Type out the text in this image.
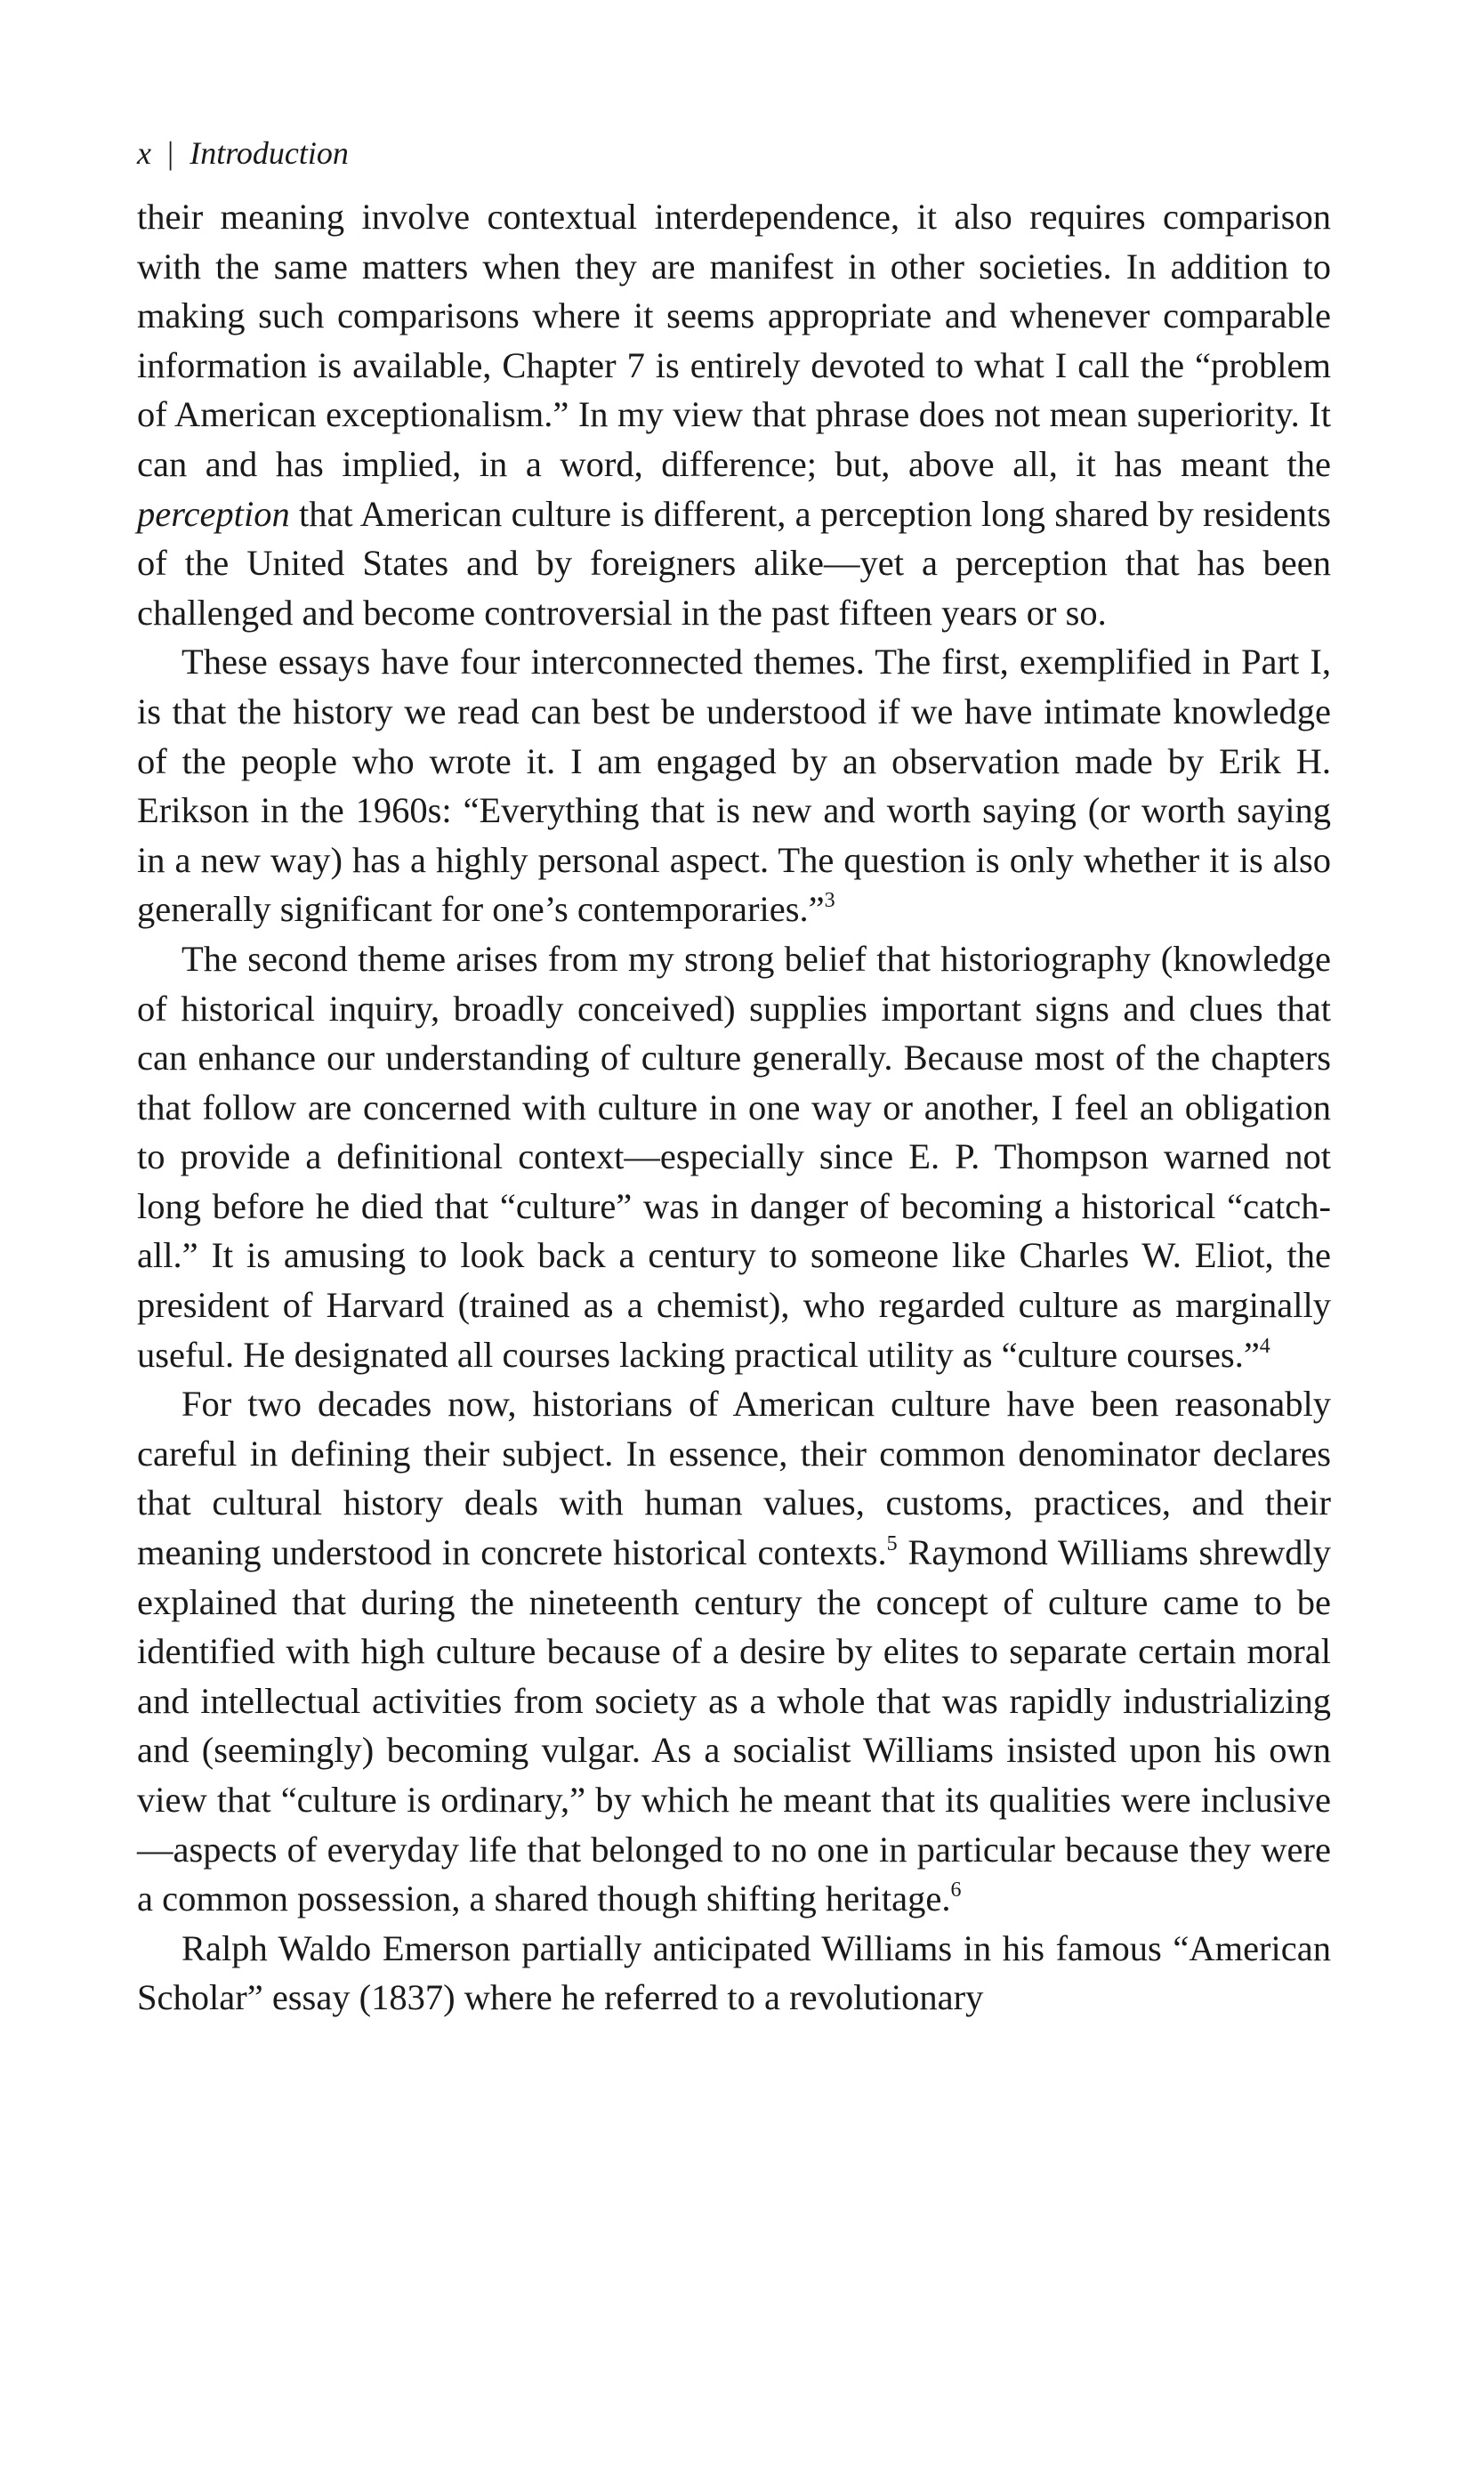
x | Introduction

their meaning involve contextual interdependence, it also requires comparison with the same matters when they are manifest in other societies. In addition to making such comparisons where it seems appropriate and whenever comparable information is available, Chapter 7 is entirely devoted to what I call the “problem of American exceptionalism.” In my view that phrase does not mean superiority. It can and has implied, in a word, difference; but, above all, it has meant the perception that American culture is different, a perception long shared by residents of the United States and by foreigners alike—yet a perception that has been challenged and become controversial in the past fifteen years or so.

These essays have four interconnected themes. The first, exemplified in Part I, is that the history we read can best be understood if we have intimate knowledge of the people who wrote it. I am engaged by an observation made by Erik H. Erikson in the 1960s: “Everything that is new and worth saying (or worth saying in a new way) has a highly personal aspect. The question is only whether it is also generally significant for one’s contemporaries.”$^3$

The second theme arises from my strong belief that historiography (knowledge of historical inquiry, broadly conceived) supplies important signs and clues that can enhance our understanding of culture generally. Because most of the chapters that follow are concerned with culture in one way or another, I feel an obligation to provide a definitional context—especially since E. P. Thompson warned not long before he died that “culture” was in danger of becoming a historical “catch-all.” It is amusing to look back a century to someone like Charles W. Eliot, the president of Harvard (trained as a chemist), who regarded culture as marginally useful. He designated all courses lacking practical utility as “culture courses.”$^4$

For two decades now, historians of American culture have been reasonably careful in defining their subject. In essence, their common denominator declares that cultural history deals with human values, customs, practices, and their meaning understood in concrete historical contexts.$^5$ Raymond Williams shrewdly explained that during the nineteenth century the concept of culture came to be identified with high culture because of a desire by elites to separate certain moral and intellectual activities from society as a whole that was rapidly industrializing and (seemingly) becoming vulgar. As a socialist Williams insisted upon his own view that “culture is ordinary,” by which he meant that its qualities were inclusive —aspects of everyday life that belonged to no one in particular because they were a common possession, a shared though shifting heritage.$^6$

Ralph Waldo Emerson partially anticipated Williams in his famous “American Scholar” essay (1837) where he referred to a revolutionary
